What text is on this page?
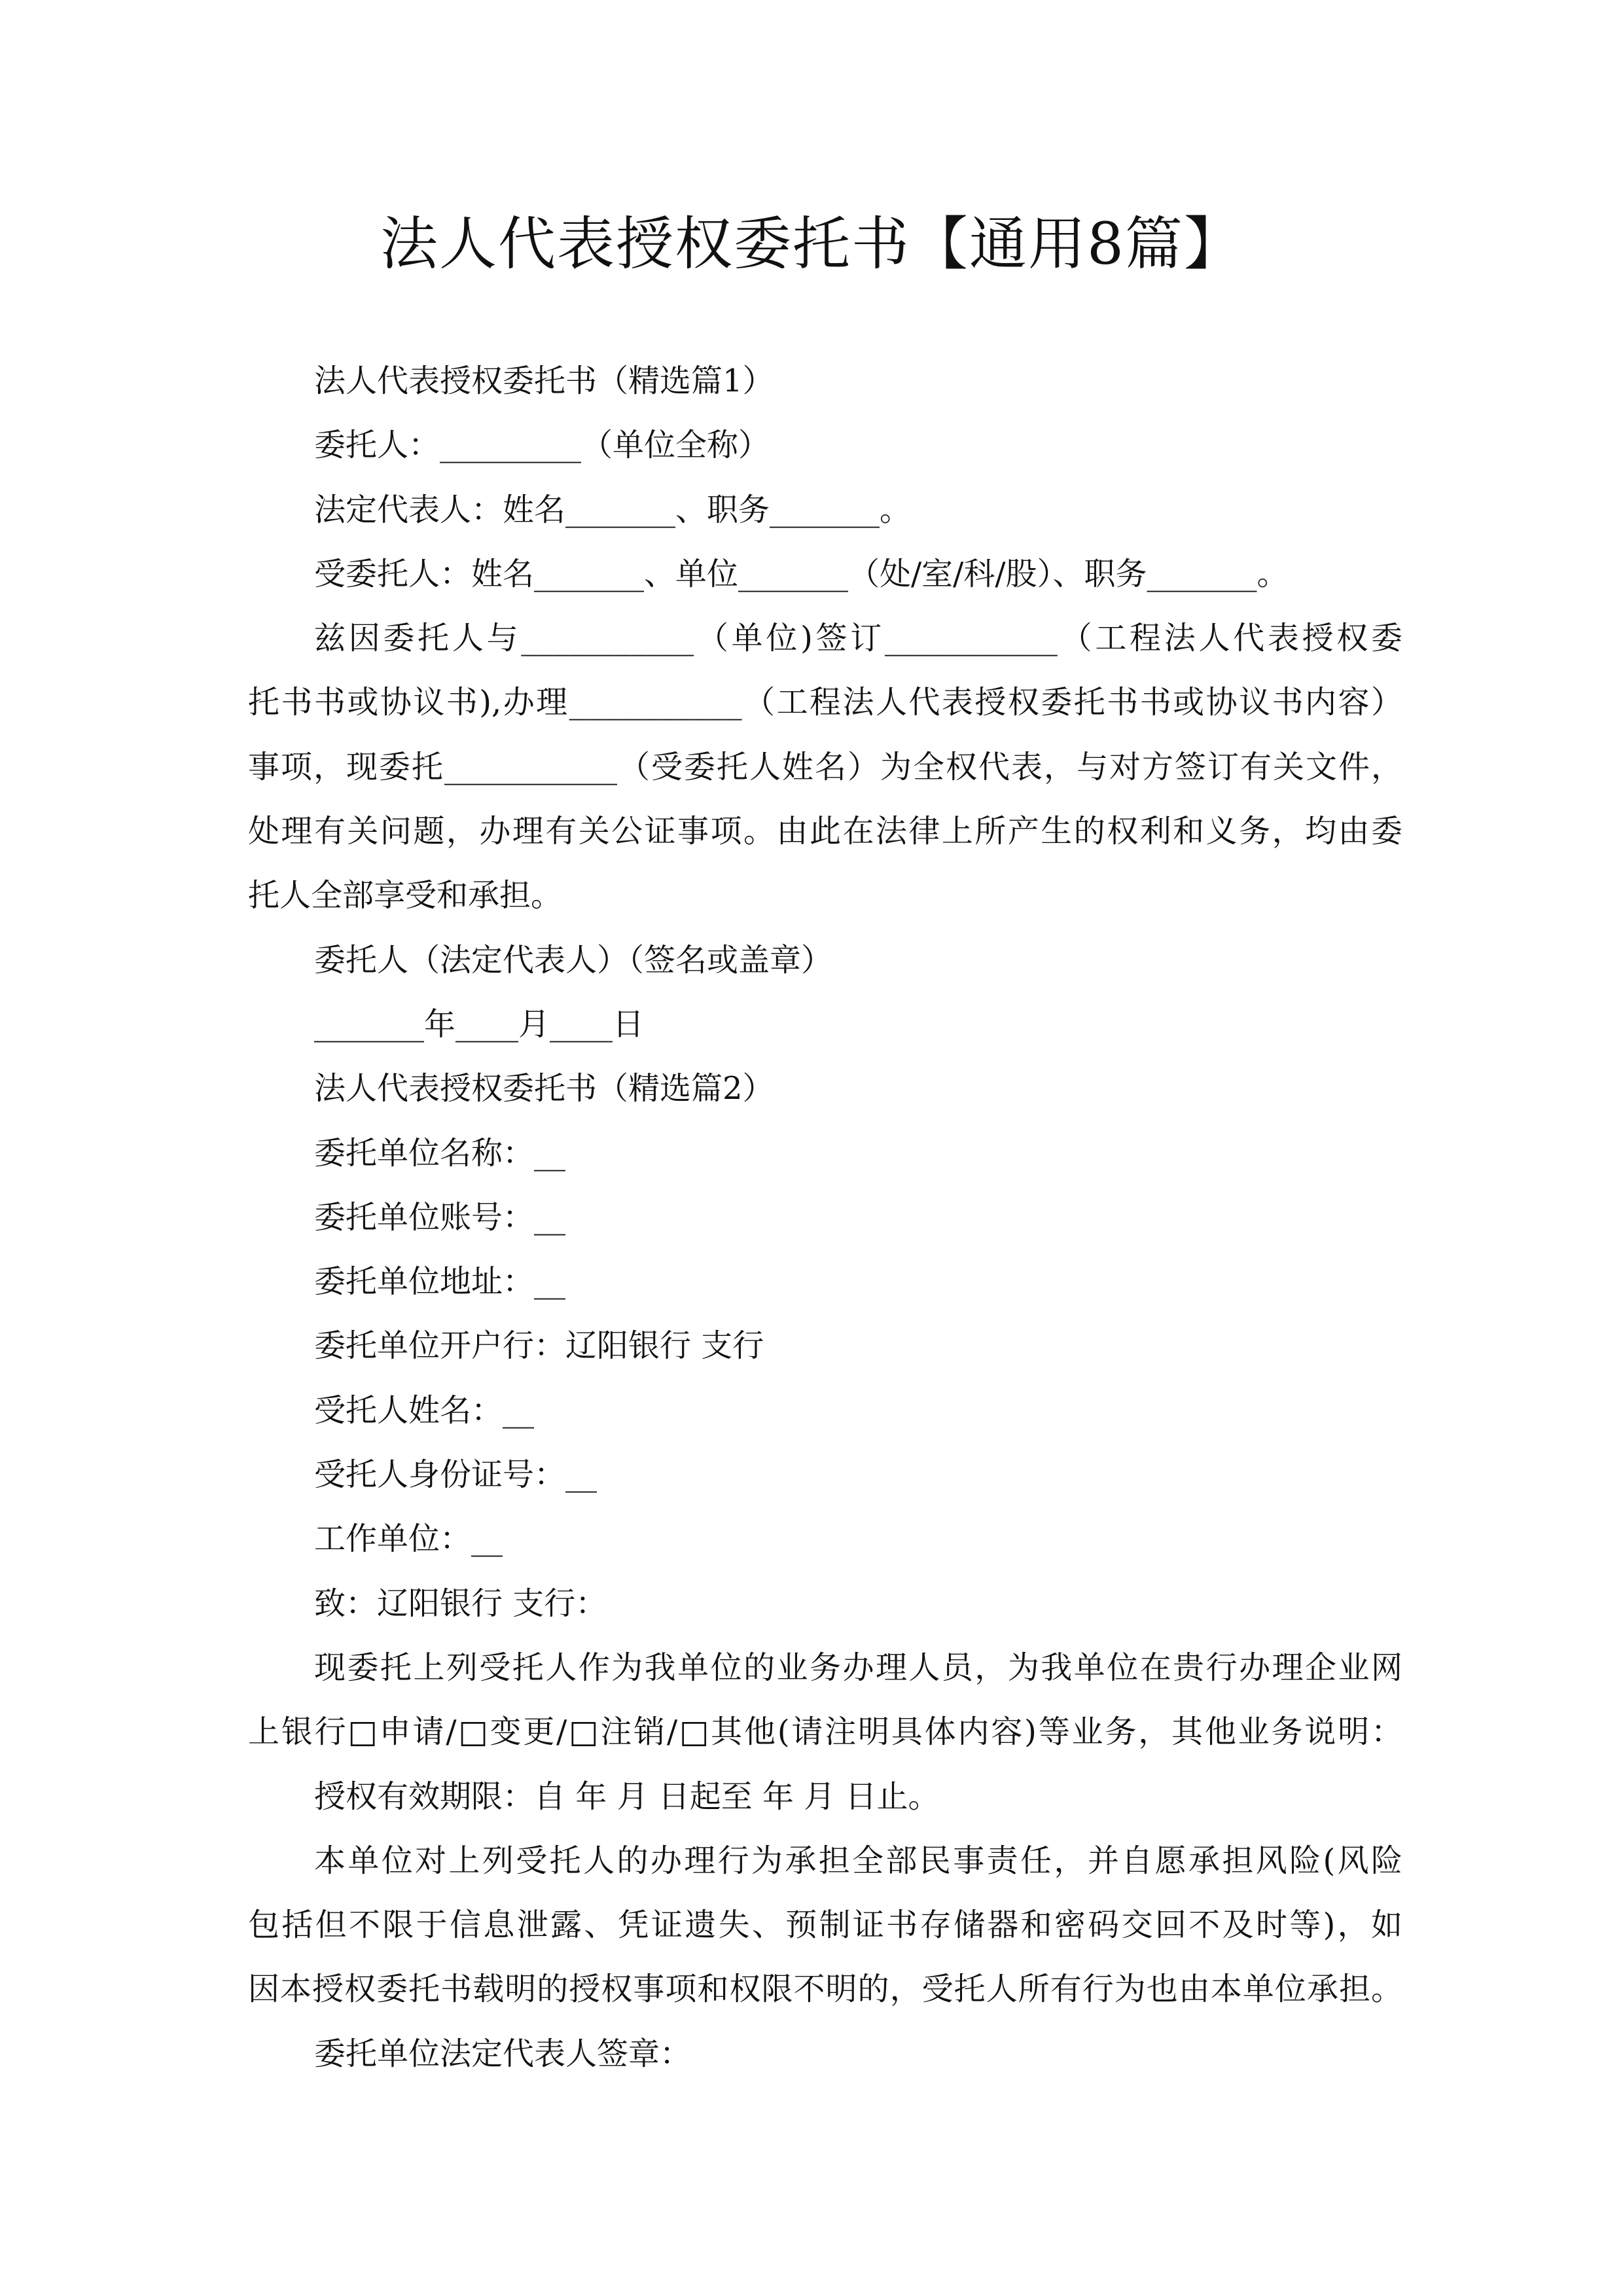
法人代表授权委托书【通用8篇】
法人代表授权委托书（精选篇1）
委托人：_________（单位全称）
法定代表人：姓名_______、职务_______。
受委托人：姓名_______、单位_______（处/室/科/股）、职务_______。
兹因委托人与___________（单位)签订___________（工程法人代表授权委
托书书或协议书),办理___________（工程法人代表授权委托书书或协议书内容）
事项，现委托___________（受委托人姓名）为全权代表，与对方签订有关文件，
处理有关问题，办理有关公证事项。由此在法律上所产生的权利和义务，均由委
托人全部享受和承担。
委托人（法定代表人）（签名或盖章）
_______年____月____日
法人代表授权委托书（精选篇2）
委托单位名称：__
委托单位账号：__
委托单位地址：__
委托单位开户行：辽阳银行 支行
受托人姓名：__
受托人身份证号：__
工作单位：__
致：辽阳银行 支行：
现委托上列受托人作为我单位的业务办理人员，为我单位在贵行办理企业网
上银行□申请/□变更/□注销/□其他(请注明具体内容)等业务，其他业务说明：
授权有效期限：自 年 月 日起至 年 月 日止。
本单位对上列受托人的办理行为承担全部民事责任，并自愿承担风险(风险
包括但不限于信息泄露、凭证遗失、预制证书存储器和密码交回不及时等)，如
因本授权委托书载明的授权事项和权限不明的，受托人所有行为也由本单位承担。
委托单位法定代表人签章：
